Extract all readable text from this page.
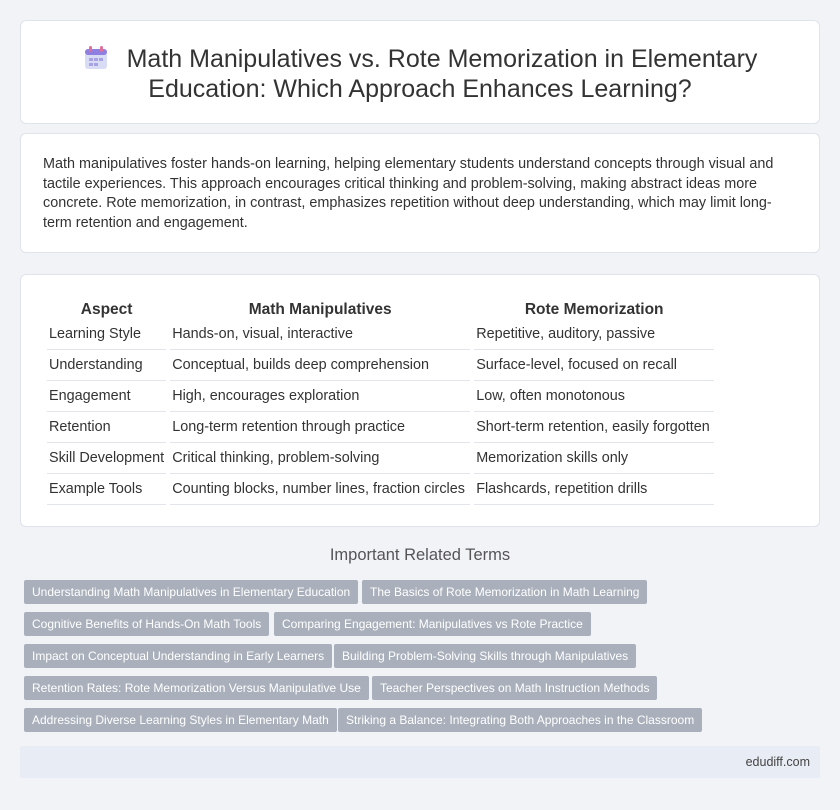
Math Manipulatives vs. Rote Memorization in Elementary
Education: Which Approach Enhances Learning?

Math manipulatives foster hands-on learning, helping elementary students understand concepts through visual and tactile experiences. This approach encourages critical thinking and problem-solving, making abstract ideas more concrete. Rote memorization, in contrast, emphasizes repetition without deep understanding, which may limit long-term retention and engagement.

Aspect	Math Manipulatives	Rote Memorization
Learning Style	Hands-on, visual, interactive	Repetitive, auditory, passive
Understanding	Conceptual, builds deep comprehension	Surface-level, focused on recall
Engagement	High, encourages exploration	Low, often monotonous
Retention	Long-term retention through practice	Short-term retention, easily forgotten
Skill Development	Critical thinking, problem-solving	Memorization skills only
Example Tools	Counting blocks, number lines, fraction circles	Flashcards, repetition drills
Important Related Terms
Understanding Math Manipulatives in Elementary Education	The Basics of Rote Memorization in Math Learning
Cognitive Benefits of Hands-On Math Tools	Comparing Engagement: Manipulatives vs Rote Practice
Impact on Conceptual Understanding in Early Learners	Building Problem-Solving Skills through Manipulatives
Retention Rates: Rote Memorization Versus Manipulative Use	Teacher Perspectives on Math Instruction Methods
Addressing Diverse Learning Styles in Elementary Math	Striking a Balance: Integrating Both Approaches in the Classroom
edudiff.com
